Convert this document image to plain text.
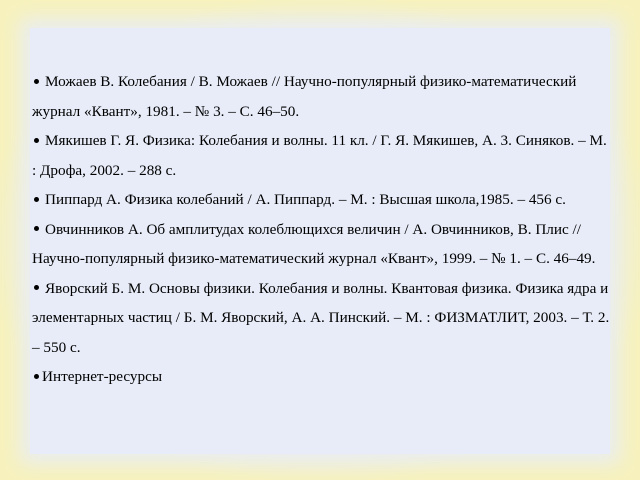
Можаев В. Колебания / В. Можаев // Научно-популярный физико-математический журнал «Квант», 1981. – № 3. – С. 46–50.
Мякишев Г. Я. Физика: Колебания и волны. 11 кл. / Г. Я. Мякишев, А. 3. Синяков. – М. : Дрофа, 2002. – 288 с.
Пиппард А. Физика колебаний / А. Пиппард. – М. : Высшая школа,1985. – 456 с.
Овчинников А. Об амплитудах колеблющихся величин / А. Овчинников, В. Плис // Научно-популярный физико-математический журнал «Квант», 1999. – № 1. – С. 46–49.
Яворский Б. М. Основы физики. Колебания и волны. Квантовая физика. Физика ядра и элементарных частиц / Б. М. Яворский, А. А. Пинский. – М. : ФИЗМАТЛИТ, 2003. – Т. 2. – 550 с.
Интернет-ресурсы
